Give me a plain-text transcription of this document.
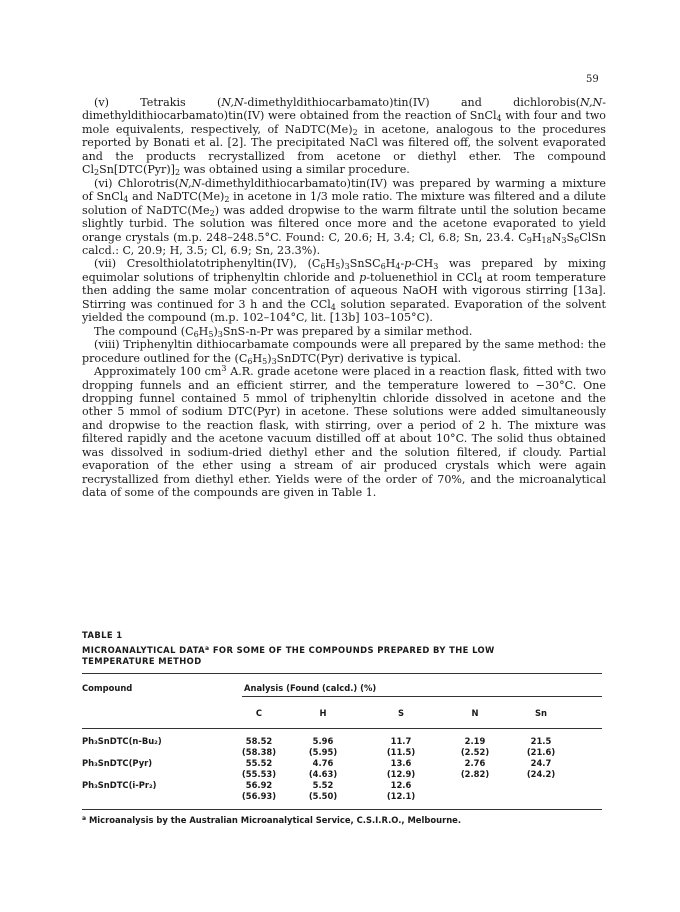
59

(v) Tetrakis (N,N-dimethyldithiocarbamato)tin(IV) and dichlorobis(N,N-dimethyldithiocarbamato)tin(IV) were obtained from the reaction of SnCl$_4$ with four and two mole equivalents, respectively, of $NaDTC(Me)_2$ in acetone, analogous to the procedures reported by Bonati et al. [2]. The precipitated NaCl was filtered off, the solvent evaporated and the products recrystallized from acetone or diethyl ether. The compound $Cl_2Sn[DTC(Pyr)]_2$ was obtained using a similar procedure.

(vi) Chlorotris(N,N-dimethyldithiocarbamato)tin(IV) was prepared by warming a mixture of SnCl$_4$ and $NaDTC(Me)_2$ in acetone in 1/3 mole ratio. The mixture was filtered and a dilute solution of $NaDTC(Me_2)$ was added dropwise to the warm filtrate until the solution became slightly turbid. The solution was filtered once more and the acetone evaporated to yield orange crystals (m.p. 248–248.5°C. Found: C, 20.6; H, 3.4; Cl, 6.8; Sn, 23.4. $C_9H_{18}N_3S_6ClSn$ calcd.: C, 20.9; H, 3.5; Cl, 6.9; Sn, 23.3%).

(vii) Cresolthiolatotriphenyltin(IV), $(C_6H_5)_3SnSC_6H_4-p-CH_3$ was prepared by mixing equimolar solutions of triphenyltin chloride and p-toluenethiol in CCl$_4$ at room temperature then adding the same molar concentration of aqueous NaOH with vigorous stirring [13a]. Stirring was continued for 3 h and the CCl$_4$ solution separated. Evaporation of the solvent yielded the compound (m.p. 102–104°C, lit. [13b] 103–105°C).

The compound $(C_6H_5)_3SnS-n-Pr$ was prepared by a similar method.

(viii) Triphenyltin dithiocarbamate compounds were all prepared by the same method: the procedure outlined for the $(C_6H_5)_3SnDTC(Pyr)$ derivative is typical.

Approximately 100 $cm^3$ A.R. grade acetone were placed in a reaction flask, fitted with two dropping funnels and an efficient stirrer, and the temperature lowered to −30°C. One dropping funnel contained 5 mmol of triphenyltin chloride dissolved in acetone and the other 5 mmol of sodium DTC(Pyr) in acetone. These solutions were added simultaneously and dropwise to the reaction flask, with stirring, over a period of 2 h. The mixture was filtered rapidly and the acetone vacuum distilled off at about 10°C. The solid thus obtained was dissolved in sodium-dried diethyl ether and the solution filtered, if cloudy. Partial evaporation of the ether using a stream of air produced crystals which were again recrystallized from diethyl ether. Yields were of the order of 70%, and the microanalytical data of some of the compounds are given in Table 1.

TABLE 1
MICROANALYTICAL DATA$^a$ FOR SOME OF THE COMPOUNDS PREPARED BY THE LOW TEMPERATURE METHOD
Compound	Analysis (Found (calcd.) (%)
C	H	S	N	Sn
Ph₃SnDTC(n-Bu₂)	58.52	5.96	11.7	2.19	21.5
(58.38)	(5.95)	(11.5)	(2.52)	(21.6)
Ph₃SnDTC(Pyr)	55.52	4.76	13.6	2.76	24.7
(55.53)	(4.63)	(12.9)	(2.82)	(24.2)
Ph₃SnDTC(i-Pr₂)	56.92	5.52	12.6
(56.93)	(5.50)	(12.1)
$^a$ Microanalysis by the Australian Microanalytical Service, C.S.I.R.O., Melbourne.
